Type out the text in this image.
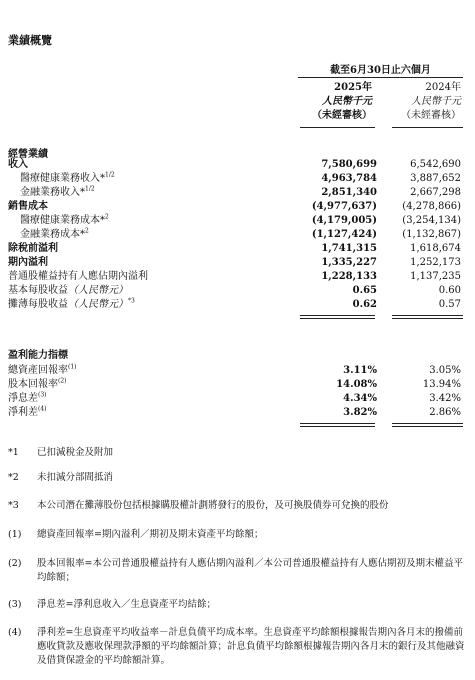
業績概覽
截至6月30日止六個月
2025年
人民幣千元
（未經審核）
2024年
人民幣千元
（未經審核）
經營業績
收入	7,580,699	6,542,690
醫療健康業務收入*$^{1/2}$	4,963,784	3,887,652
金融業務收入*$^{1/2}$	2,851,340	2,667,298
銷售成本	(4,977,637)	(4,278,866)
醫療健康業務成本*$^2$	(4,179,005)	(3,254,134)
金融業務成本*$^2$	(1,127,424)	(1,132,867)
除稅前溢利	1,741,315	1,618,674
期內溢利	1,335,227	1,252,173
普通股權益持有人應佔期內溢利	1,228,133	1,137,235
基本每股收益（人民幣元）	0.65	0.60
攤薄每股收益（人民幣元）$^{*3}$	0.62	0.57
盈利能力指標
總資產回報率$^{(1)}$	3.11%	3.05%
股本回報率$^{(2)}$	14.08%	13.94%
淨息差$^{(3)}$	4.34%	3.42%
淨利差$^{(4)}$	3.82%	2.86%
*1 已扣減稅金及附加
*2 未扣減分部間抵消
*3 本公司潛在攤薄股份包括根據購股權計劃將發行的股份，及可換股債券可兌換的股份
(1) 總資產回報率=期內溢利／期初及期末資產平均餘額；
(2) 股本回報率=本公司普通股權益持有人應佔期內溢利／本公司普通股權益持有人應佔期初及期末權益平均餘額；
(3) 淨息差=淨利息收入／生息資產平均結餘；
(4) 淨利差=生息資產平均收益率－計息負債平均成本率。生息資產平均餘額根據報告期內各月末的撥備前應收貸款及應收保理款淨額的平均餘額計算；計息負債平均餘額根據報告期內各月末的銀行及其他融資及借貸保證金的平均餘額計算。
